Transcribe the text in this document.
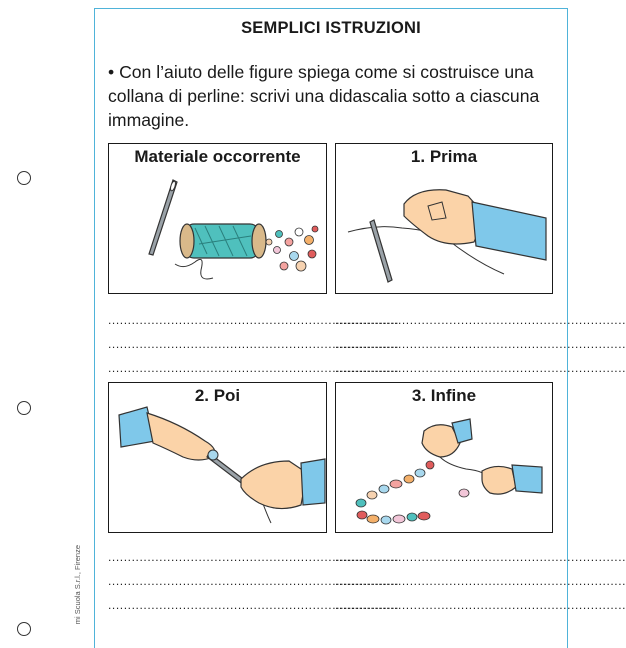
SEMPLICI ISTRUZIONI

• Con l’aiuto delle figure spiega come si costruisce una collana di perline: scrivi una didascalia sotto a ciascuna immagine.

Materiale occorrente	1. Prima
..........................................................................
..........................................................................
..........................................................................
..........................................................................
..........................................................................
..........................................................................
2. Poi	3. Infine
..........................................................................
..........................................................................
..........................................................................
..........................................................................
..........................................................................
..........................................................................
mi Scuola S.r.l., Firenze
